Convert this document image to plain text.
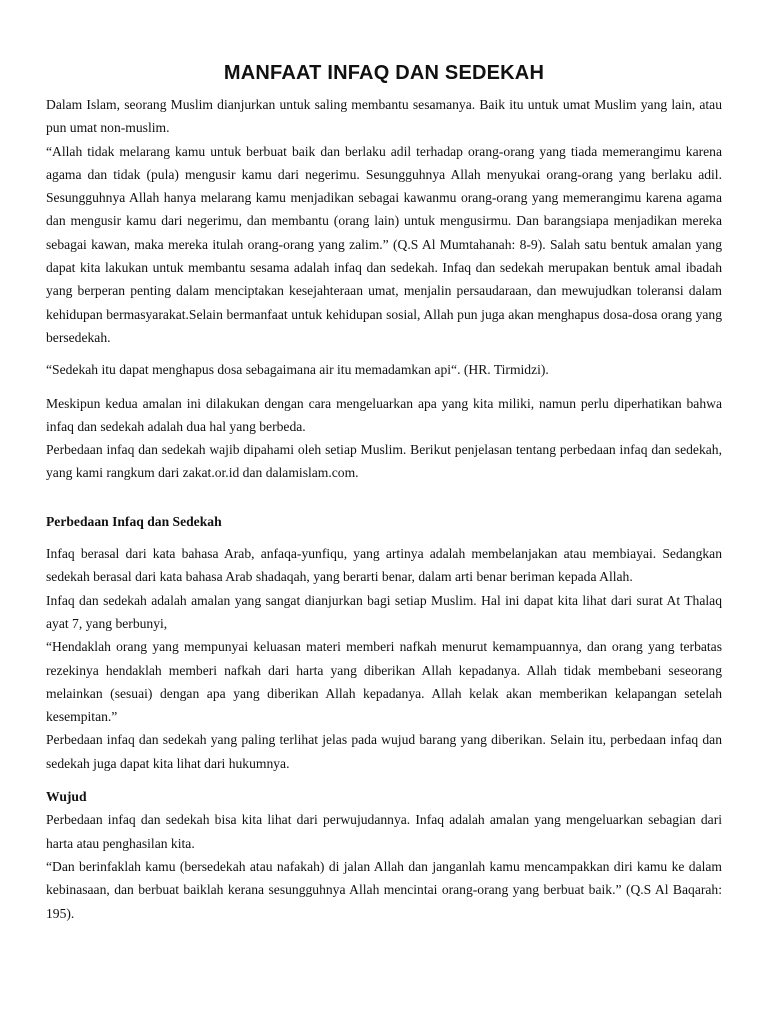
MANFAAT INFAQ DAN SEDEKAH

Dalam Islam, seorang Muslim dianjurkan untuk saling membantu sesamanya. Baik itu untuk umat Muslim yang lain, atau pun umat non-muslim.

“Allah tidak melarang kamu untuk berbuat baik dan berlaku adil terhadap orang-orang yang tiada memerangimu karena agama dan tidak (pula) mengusir kamu dari negerimu. Sesungguhnya Allah menyukai orang-orang yang berlaku adil. Sesungguhnya Allah hanya melarang kamu menjadikan sebagai kawanmu orang-orang yang memerangimu karena agama dan mengusir kamu dari negerimu, dan membantu (orang lain) untuk mengusirmu. Dan barangsiapa menjadikan mereka sebagai kawan, maka mereka itulah orang-orang yang zalim.” (Q.S Al Mumtahanah: 8-9). Salah satu bentuk amalan yang dapat kita lakukan untuk membantu sesama adalah infaq dan sedekah. Infaq dan sedekah merupakan bentuk amal ibadah yang berperan penting dalam menciptakan kesejahteraan umat, menjalin persaudaraan, dan mewujudkan toleransi dalam kehidupan bermasyarakat.Selain bermanfaat untuk kehidupan sosial, Allah pun juga akan menghapus dosa-dosa orang yang bersedekah.

“Sedekah itu dapat menghapus dosa sebagaimana air itu memadamkan api“. (HR. Tirmidzi).

Meskipun kedua amalan ini dilakukan dengan cara mengeluarkan apa yang kita miliki, namun perlu diperhatikan bahwa infaq dan sedekah adalah dua hal yang berbeda.

Perbedaan infaq dan sedekah wajib dipahami oleh setiap Muslim. Berikut penjelasan tentang perbedaan infaq dan sedekah, yang kami rangkum dari zakat.or.id dan dalamislam.com.

Perbedaan Infaq dan Sedekah

Infaq berasal dari kata bahasa Arab, anfaqa-yunfiqu, yang artinya adalah membelanjakan atau membiayai. Sedangkan sedekah berasal dari kata bahasa Arab shadaqah, yang berarti benar, dalam arti benar beriman kepada Allah.

Infaq dan sedekah adalah amalan yang sangat dianjurkan bagi setiap Muslim. Hal ini dapat kita lihat dari surat At Thalaq ayat 7, yang berbunyi,

“Hendaklah orang yang mempunyai keluasan materi memberi nafkah menurut kemampuannya, dan orang yang terbatas rezekinya hendaklah memberi nafkah dari harta yang diberikan Allah kepadanya. Allah tidak membebani seseorang melainkan (sesuai) dengan apa yang diberikan Allah kepadanya. Allah kelak akan memberikan kelapangan setelah kesempitan.”

Perbedaan infaq dan sedekah yang paling terlihat jelas pada wujud barang yang diberikan. Selain itu, perbedaan infaq dan sedekah juga dapat kita lihat dari hukumnya.

Wujud

Perbedaan infaq dan sedekah bisa kita lihat dari perwujudannya. Infaq adalah amalan yang mengeluarkan sebagian dari harta atau penghasilan kita.

“Dan berinfaklah kamu (bersedekah atau nafakah) di jalan Allah dan janganlah kamu mencampakkan diri kamu ke dalam kebinasaan, dan berbuat baiklah kerana sesungguhnya Allah mencintai orang-orang yang berbuat baik.” (Q.S Al Baqarah: 195).
